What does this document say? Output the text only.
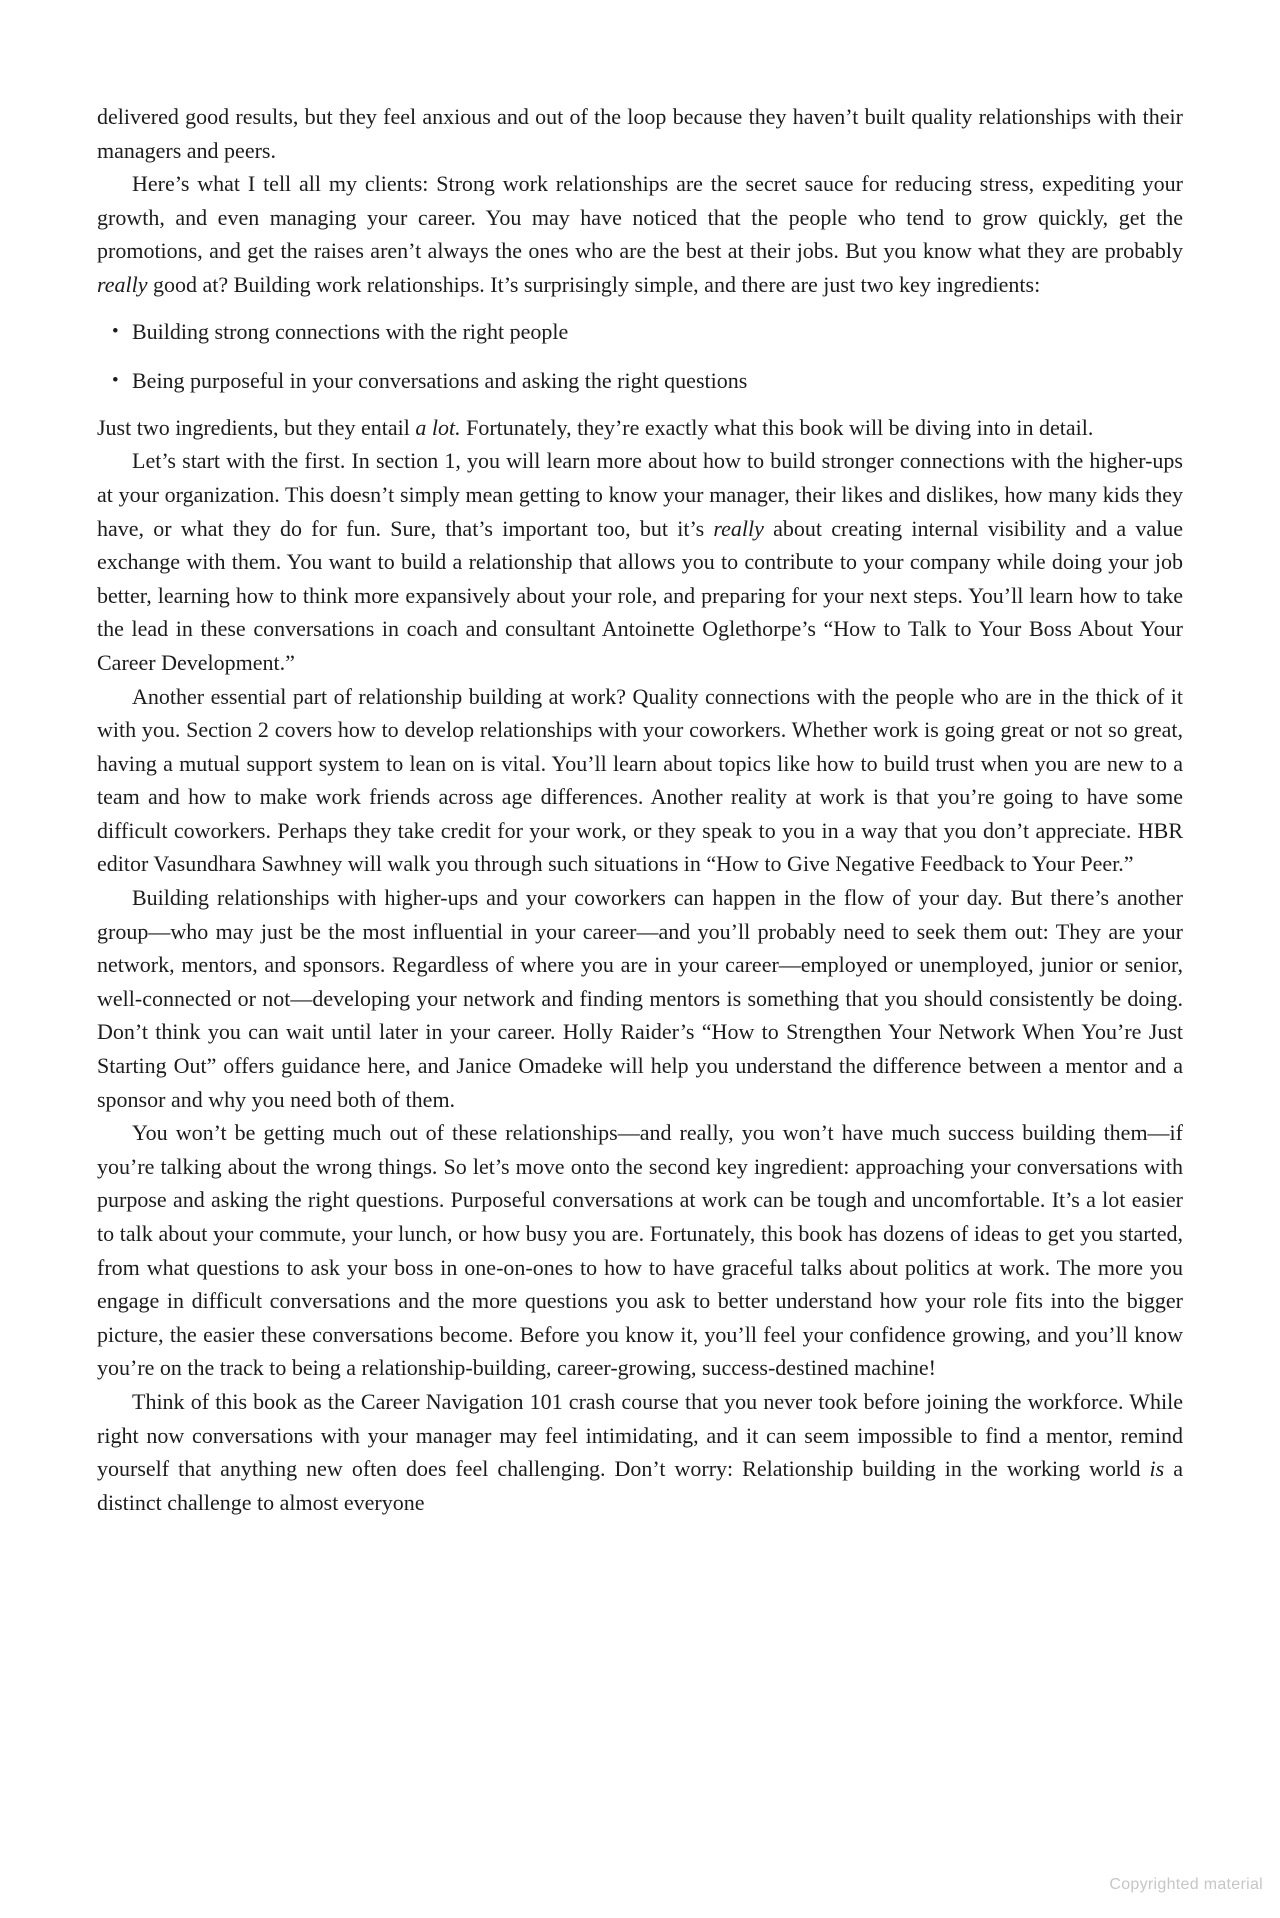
delivered good results, but they feel anxious and out of the loop because they haven’t built quality relationships with their managers and peers.

Here’s what I tell all my clients: Strong work relationships are the secret sauce for reducing stress, expediting your growth, and even managing your career. You may have noticed that the people who tend to grow quickly, get the promotions, and get the raises aren’t always the ones who are the best at their jobs. But you know what they are probably really good at? Building work relationships. It’s surprisingly simple, and there are just two key ingredients:

• Building strong connections with the right people
• Being purposeful in your conversations and asking the right questions

Just two ingredients, but they entail a lot. Fortunately, they’re exactly what this book will be diving into in detail.

Let’s start with the first. In section 1, you will learn more about how to build stronger connections with the higher-ups at your organization. This doesn’t simply mean getting to know your manager, their likes and dislikes, how many kids they have, or what they do for fun. Sure, that’s important too, but it’s really about creating internal visibility and a value exchange with them. You want to build a relationship that allows you to contribute to your company while doing your job better, learning how to think more expansively about your role, and preparing for your next steps. You’ll learn how to take the lead in these conversations in coach and consultant Antoinette Oglethorpe’s “How to Talk to Your Boss About Your Career Development.”

Another essential part of relationship building at work? Quality connections with the people who are in the thick of it with you. Section 2 covers how to develop relationships with your coworkers. Whether work is going great or not so great, having a mutual support system to lean on is vital. You’ll learn about topics like how to build trust when you are new to a team and how to make work friends across age differences. Another reality at work is that you’re going to have some difficult coworkers. Perhaps they take credit for your work, or they speak to you in a way that you don’t appreciate. HBR editor Vasundhara Sawhney will walk you through such situations in “How to Give Negative Feedback to Your Peer.”

Building relationships with higher-ups and your coworkers can happen in the flow of your day. But there’s another group—who may just be the most influential in your career—and you’ll probably need to seek them out: They are your network, mentors, and sponsors. Regardless of where you are in your career—employed or unemployed, junior or senior, well-connected or not—developing your network and finding mentors is something that you should consistently be doing. Don’t think you can wait until later in your career. Holly Raider’s “How to Strengthen Your Network When You’re Just Starting Out” offers guidance here, and Janice Omadeke will help you understand the difference between a mentor and a sponsor and why you need both of them.

You won’t be getting much out of these relationships—and really, you won’t have much success building them—if you’re talking about the wrong things. So let’s move onto the second key ingredient: approaching your conversations with purpose and asking the right questions. Purposeful conversations at work can be tough and uncomfortable. It’s a lot easier to talk about your commute, your lunch, or how busy you are. Fortunately, this book has dozens of ideas to get you started, from what questions to ask your boss in one-on-ones to how to have graceful talks about politics at work. The more you engage in difficult conversations and the more questions you ask to better understand how your role fits into the bigger picture, the easier these conversations become. Before you know it, you’ll feel your confidence growing, and you’ll know you’re on the track to being a relationship-building, career-growing, success-destined machine!

Think of this book as the Career Navigation 101 crash course that you never took before joining the workforce. While right now conversations with your manager may feel intimidating, and it can seem impossible to find a mentor, remind yourself that anything new often does feel challenging. Don’t worry: Relationship building in the working world is a distinct challenge to almost everyone

Copyrighted material
